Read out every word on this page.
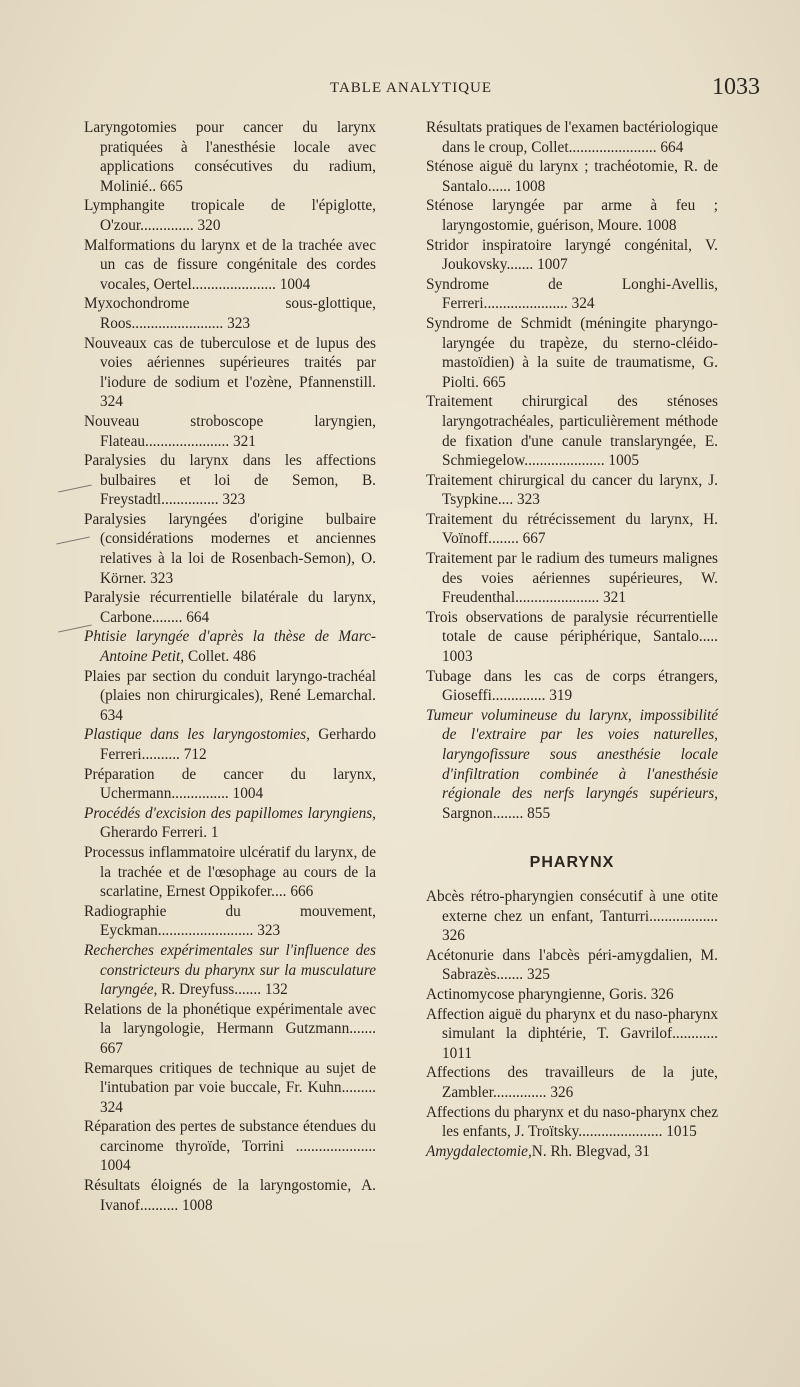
TABLE ANALYTIQUE	1033

Laryngotomies pour cancer du larynx pratiquées à l'anesthésie locale avec applications consécutives du radium, Molinié.. 665

Lymphangite tropicale de l'épiglotte, O'zour.............. 320

Malformations du larynx et de la trachée avec un cas de fissure congénitale des cordes vocales, Oertel...................... 1004

Myxochondrome sous-glottique, Roos........................ 323

Nouveaux cas de tuberculose et de lupus des voies aériennes supérieures traités par l'iodure de sodium et l'ozène, Pfannenstill. 324

Nouveau stroboscope laryngien, Flateau...................... 321

Paralysies du larynx dans les affections bulbaires et loi de Semon, B. Freystadtl............... 323

Paralysies laryngées d'origine bulbaire (considérations modernes et anciennes relatives à la loi de Rosenbach-Semon), O. Körner. 323

Paralysie récurrentielle bilatérale du larynx, Carbone........ 664

Phtisie laryngée d'après la thèse de Marc-Antoine Petit, Collet. 486

Plaies par section du conduit laryngo-trachéal (plaies non chirurgicales), René Lemarchal. 634

Plastique dans les laryngostomies, Gerhardo Ferreri.......... 712

Préparation de cancer du larynx, Uchermann............... 1004

Procédés d'excision des papillomes laryngiens, Gherardo Ferreri. 1

Processus inflammatoire ulcératif du larynx, de la trachée et de l'œsophage au cours de la scarlatine, Ernest Oppikofer.... 666

Radiographie du mouvement, Eyckman......................... 323

Recherches expérimentales sur l'influence des constricteurs du pharynx sur la musculature laryngée, R. Dreyfuss....... 132

Relations de la phonétique expérimentale avec la laryngologie, Hermann Gutzmann....... 667

Remarques critiques de technique au sujet de l'intubation par voie buccale, Fr. Kuhn......... 324

Réparation des pertes de substance étendues du carcinome thyroïde, Torrini ..................... 1004

Résultats éloignés de la laryngostomie, A. Ivanof.......... 1008

Résultats pratiques de l'examen bactériologique dans le croup, Collet....................... 664

Sténose aiguë du larynx ; trachéotomie, R. de Santalo...... 1008

Sténose laryngée par arme à feu ; laryngostomie, guérison, Moure. 1008

Stridor inspiratoire laryngé congénital, V. Joukovsky....... 1007

Syndrome de Longhi-Avellis, Ferreri...................... 324

Syndrome de Schmidt (méningite pharyngo-laryngée du trapèze, du sterno-cléido-mastoïdien) à la suite de traumatisme, G. Piolti. 665

Traitement chirurgical des sténoses laryngotrachéales, particulièrement méthode de fixation d'une canule translaryngée, E. Schmiegelow..................... 1005

Traitement chirurgical du cancer du larynx, J. Tsypkine.... 323

Traitement du rétrécissement du larynx, H. Voïnoff........ 667

Traitement par le radium des tumeurs malignes des voies aériennes supérieures, W. Freudenthal...................... 321

Trois observations de paralysie récurrentielle totale de cause périphérique, Santalo..... 1003

Tubage dans les cas de corps étrangers, Gioseffi.............. 319

Tumeur volumineuse du larynx, impossibilité de l'extraire par les voies naturelles, laryngofissure sous anesthésie locale d'infiltration combinée à l'anesthésie régionale des nerfs laryngés supérieurs, Sargnon........ 855

PHARYNX

Abcès rétro-pharyngien consécutif à une otite externe chez un enfant, Tanturri.................. 326

Acétonurie dans l'abcès péri-amygdalien, M. Sabrazès....... 325

Actinomycose pharyngienne, Goris. 326

Affection aiguë du pharynx et du naso-pharynx simulant la diphtérie, T. Gavrilof............ 1011

Affections des travailleurs de la jute, Zambler.............. 326

Affections du pharynx et du naso-pharynx chez les enfants, J. Troïtsky...................... 1015

Amygdalectomie,N. Rh. Blegvad, 31
